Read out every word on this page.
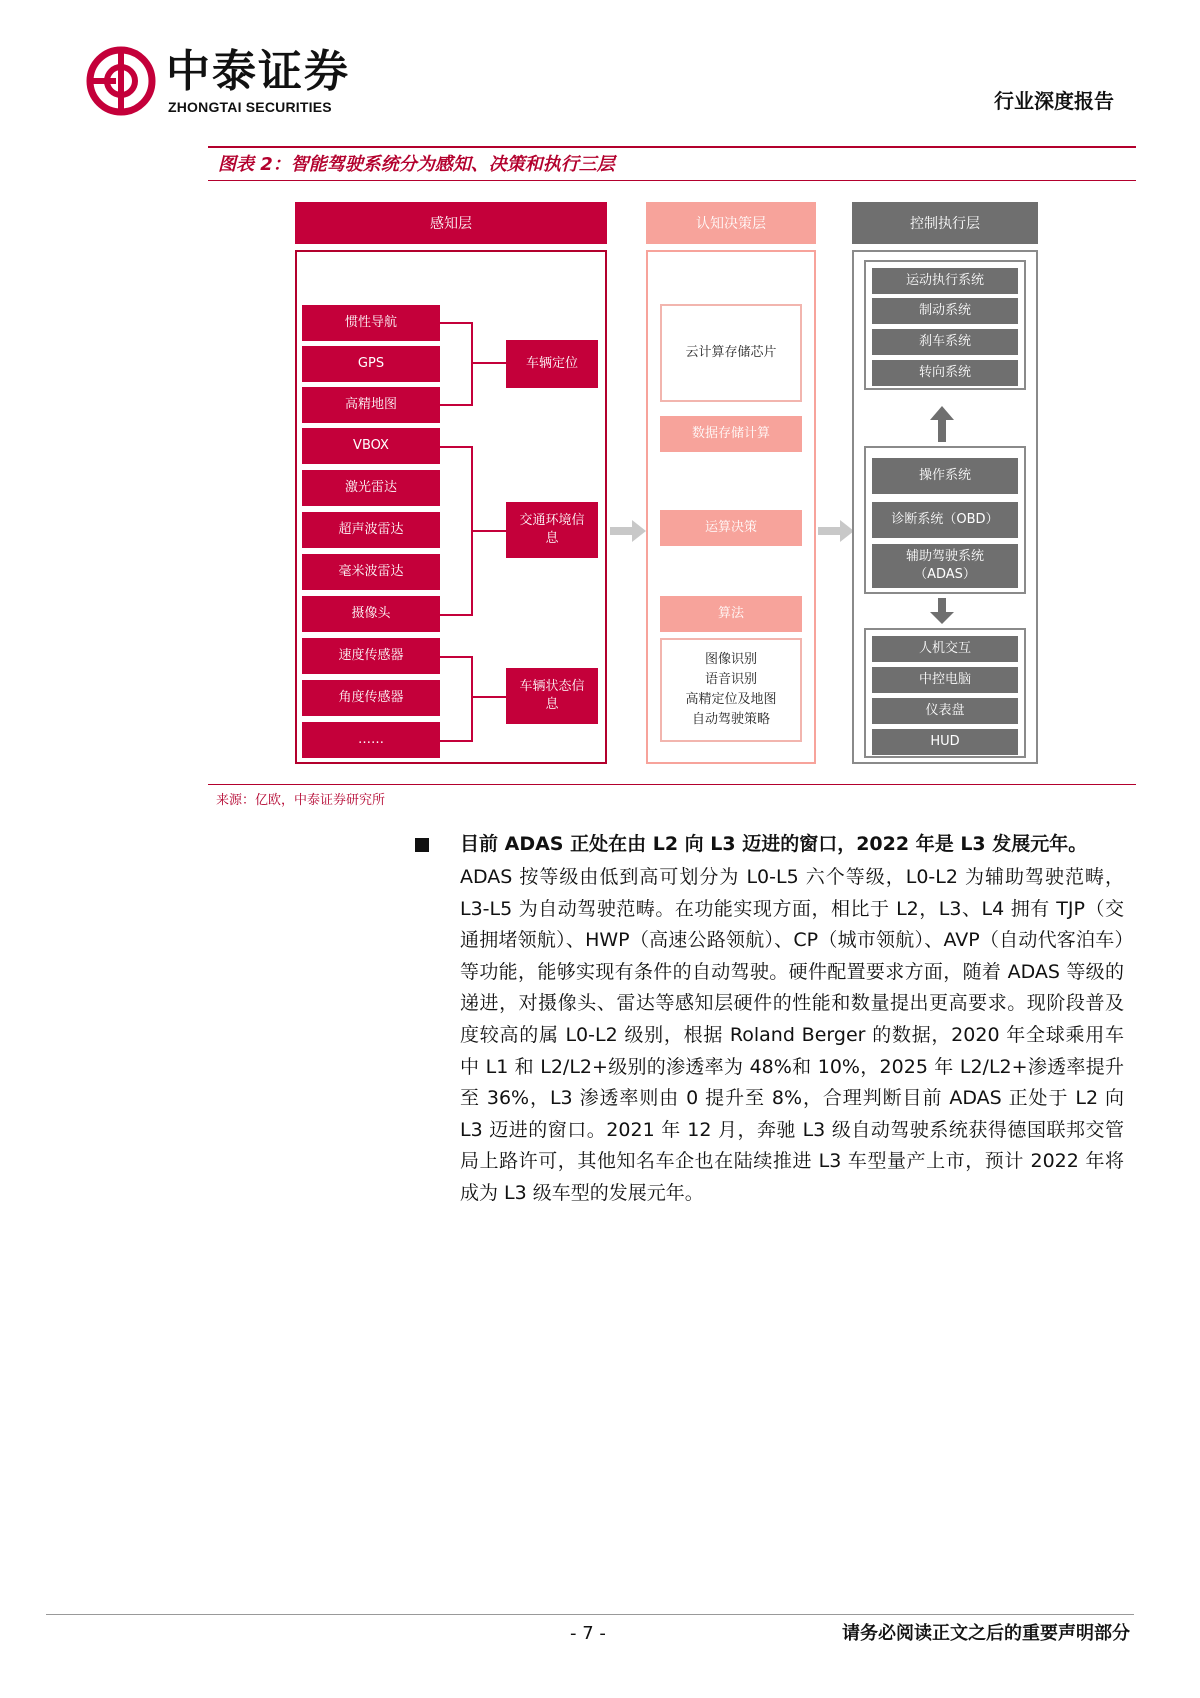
中泰证券
ZHONGTAI SECURITIES	行业深度报告
图表 2：智能驾驶系统分为感知、决策和执行三层
感知层
惯性导航
GPS
高精地图
VBOX
激光雷达
超声波雷达
毫米波雷达
摄像头
速度传感器
角度传感器
……
车辆定位
交通环境信息
车辆状态信息
认知决策层
云计算存储芯片
数据存储计算
运算决策
算法
图像识别
语音识别
高精定位及地图
自动驾驶策略
控制执行层
运动执行系统
制动系统
刹车系统
转向系统
操作系统
诊断系统（OBD）
辅助驾驶系统（ADAS）
人机交互
中控电脑
仪表盘
HUD
来源：亿欧，中泰证券研究所
目前 ADAS 正处在由 L2 向 L3 迈进的窗口，2022 年是 L3 发展元年。
ADAS 按等级由低到高可划分为 L0-L5 六个等级，L0-L2 为辅助驾驶范畴，L3-L5 为自动驾驶范畴。在功能实现方面，相比于 L2，L3、L4 拥有 TJP（交通拥堵领航）、HWP（高速公路领航）、CP（城市领航）、AVP（自动代客泊车）等功能，能够实现有条件的自动驾驶。硬件配置要求方面，随着 ADAS 等级的递进，对摄像头、雷达等感知层硬件的性能和数量提出更高要求。现阶段普及度较高的属 L0-L2 级别，根据 Roland Berger 的数据，2020 年全球乘用车中 L1 和 L2/L2+级别的渗透率为 48%和 10%，2025 年 L2/L2+渗透率提升至 36%，L3 渗透率则由 0 提升至 8%，合理判断目前 ADAS 正处于 L2 向 L3 迈进的窗口。2021 年 12 月，奔驰 L3 级自动驾驶系统获得德国联邦交管局上路许可，其他知名车企也在陆续推进 L3 车型量产上市，预计 2022 年将成为 L3 级车型的发展元年。
- 7 -	请务必阅读正文之后的重要声明部分
